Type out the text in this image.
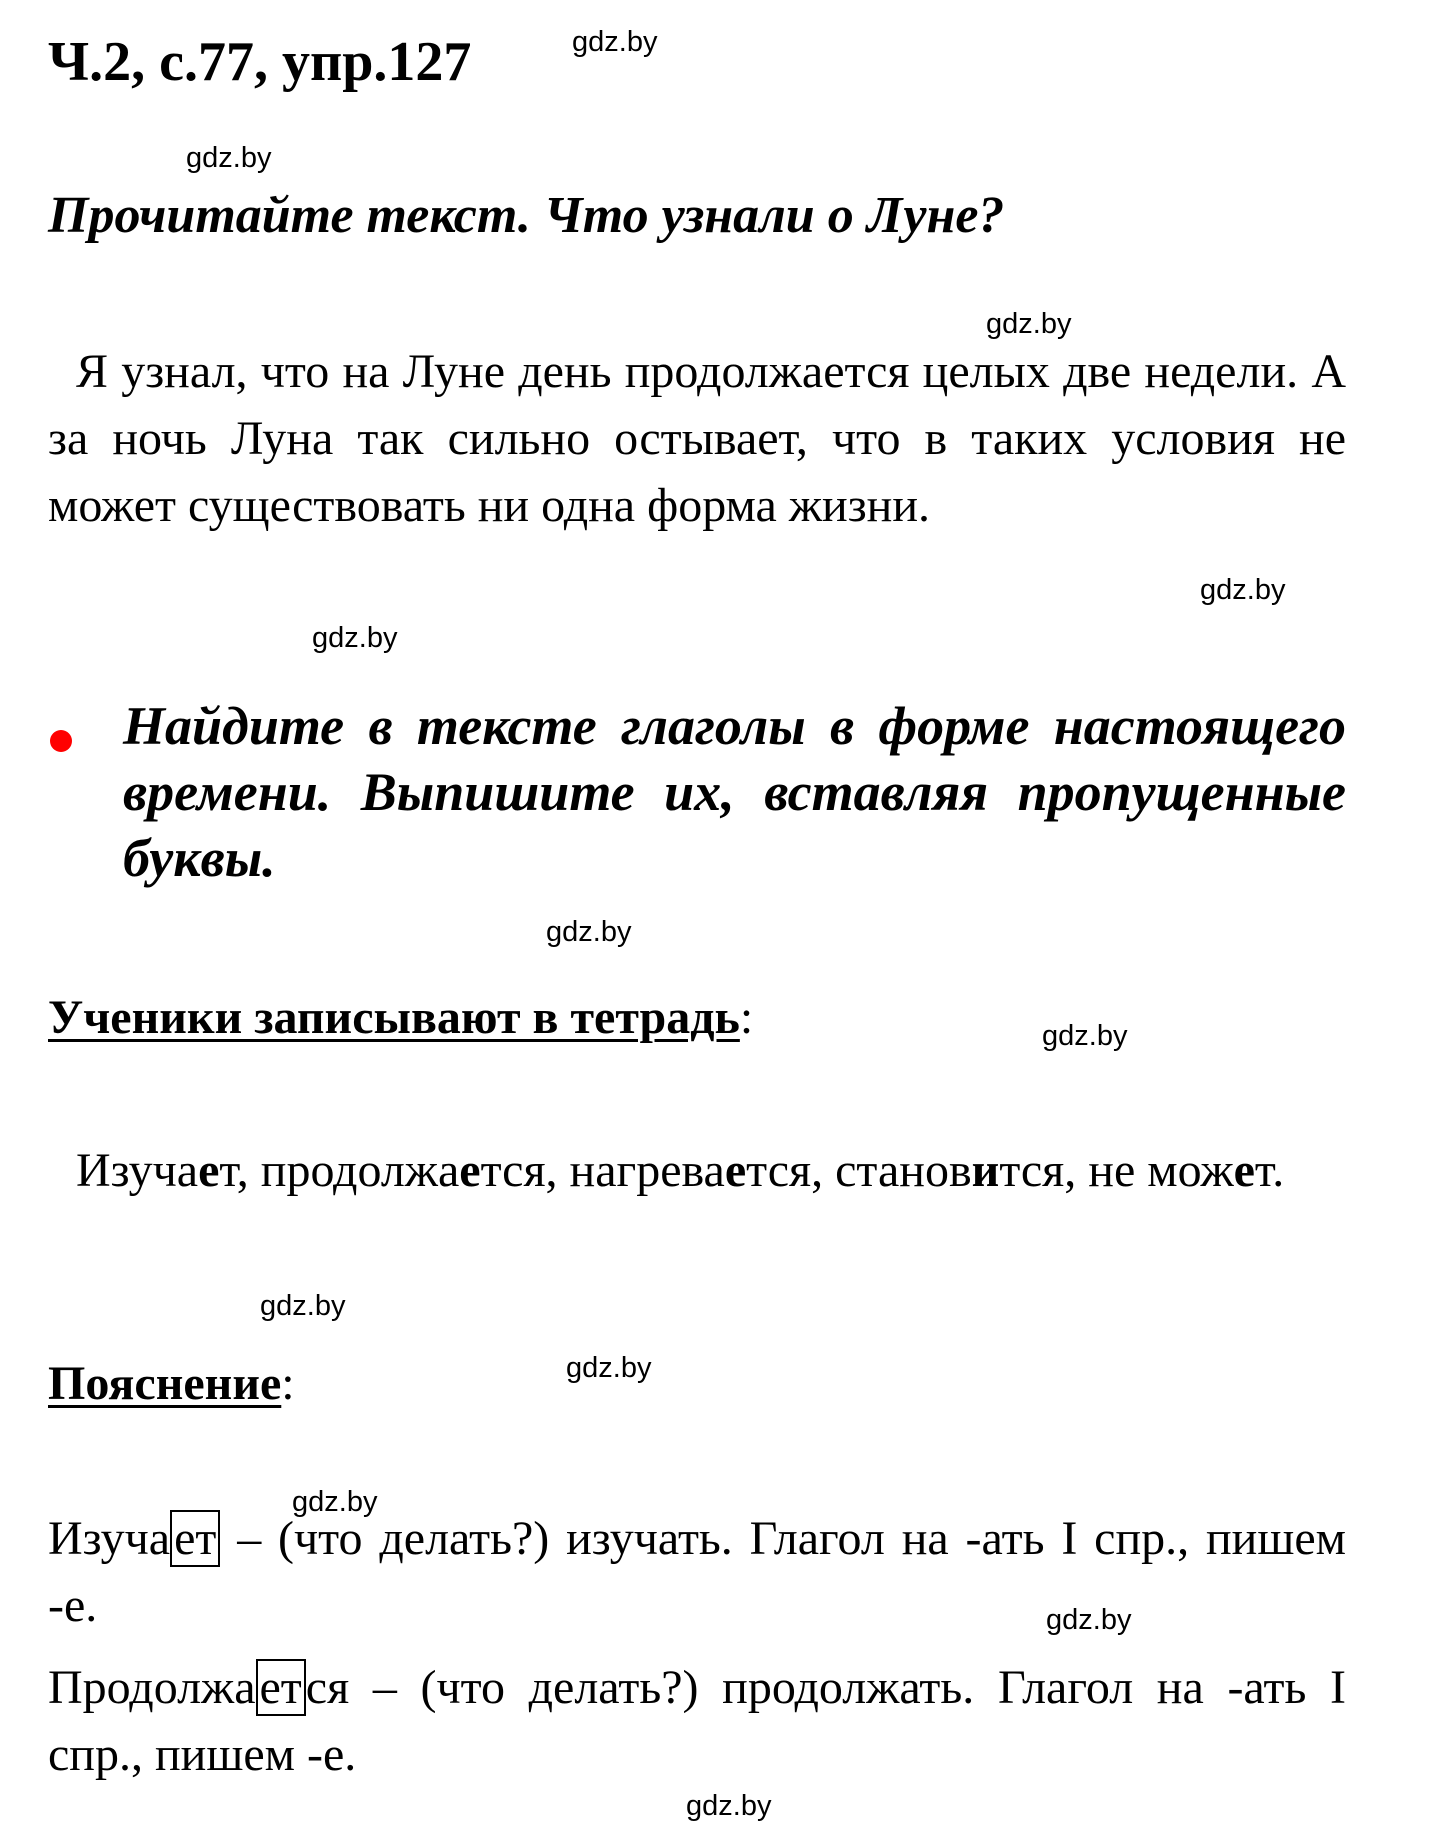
gdz.by
gdz.by
gdz.by
gdz.by
gdz.by
gdz.by
gdz.by
gdz.by
gdz.by
gdz.by
gdz.by
gdz.by
Ч.2, с.77, упр.127
Прочитайте текст. Что узнали о Луне?
Я узнал, что на Луне день продолжается целых две недели. А за ночь Луна так сильно остывает, что в таких условия не может существовать ни одна форма жизни.
Найдите в тексте глаголы в форме настоящего времени. Выпишите их, вставляя пропущенные буквы.
Ученики записывают в тетрадь:
Изучает, продолжается, нагревается, становится, не может.
Пояснение:
Изучает – (что делать?) изучать. Глагол на -ать I спр., пишем -е.
Продолжается – (что делать?) продолжать. Глагол на -ать I спр., пишем -е.
